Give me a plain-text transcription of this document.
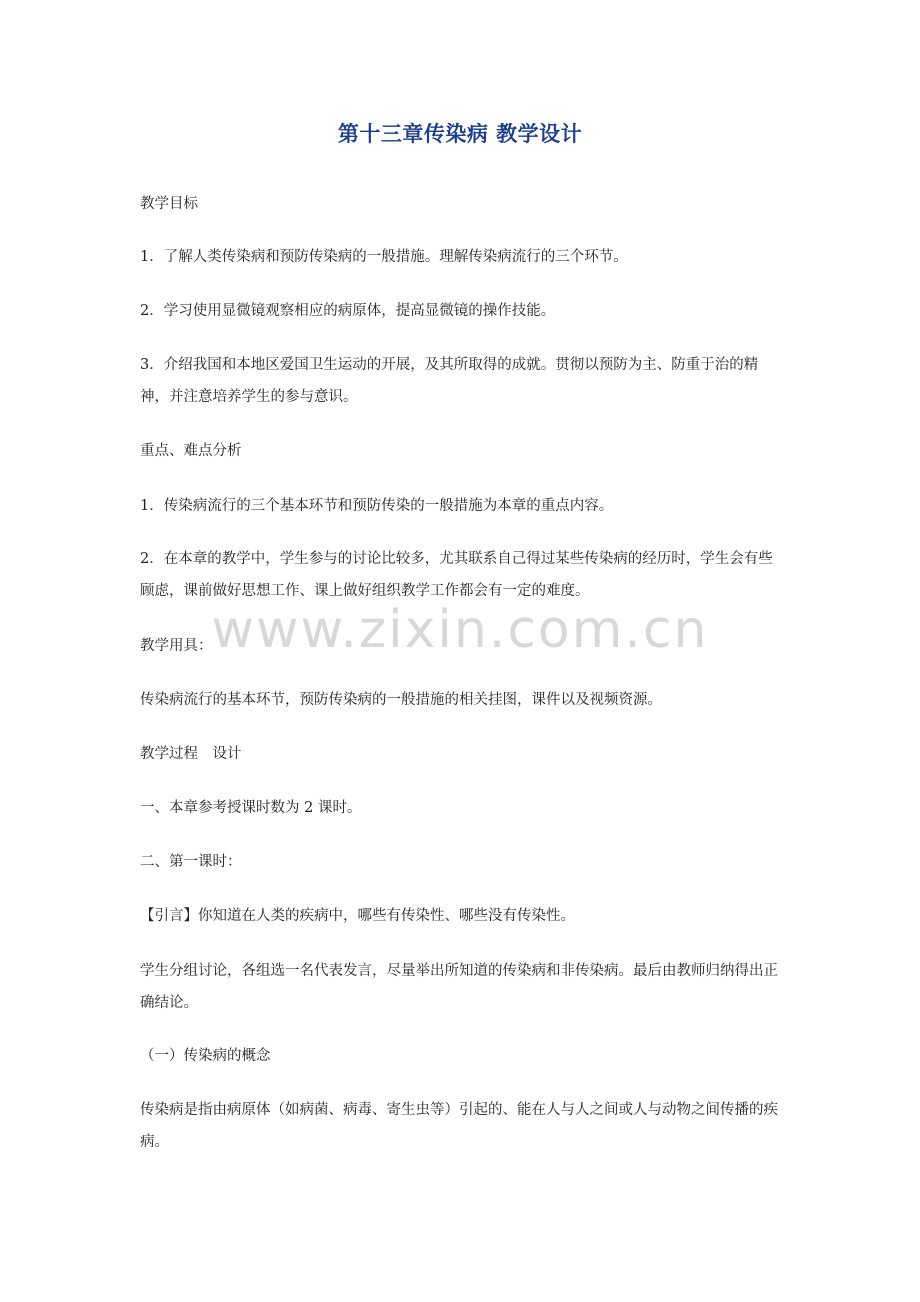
www.zixin.com.cn
第十三章传染病 教学设计

教学目标

1．了解人类传染病和预防传染病的一般措施。理解传染病流行的三个环节。

2．学习使用显微镜观察相应的病原体，提高显微镜的操作技能。

3．介绍我国和本地区爱国卫生运动的开展，及其所取得的成就。贯彻以预防为主、防重于治的精神，并注意培养学生的参与意识。

重点、难点分析

1．传染病流行的三个基本环节和预防传染的一般措施为本章的重点内容。

2．在本章的教学中，学生参与的讨论比较多，尤其联系自己得过某些传染病的经历时，学生会有些顾虑，课前做好思想工作、课上做好组织教学工作都会有一定的难度。

教学用具：

传染病流行的基本环节，预防传染病的一般措施的相关挂图，课件以及视频资源。

教学过程　设计

一、本章参考授课时数为 2 课时。

二、第一课时：

【引言】你知道在人类的疾病中，哪些有传染性、哪些没有传染性。

学生分组讨论，各组选一名代表发言，尽量举出所知道的传染病和非传染病。最后由教师归纳得出正确结论。

（一）传染病的概念

传染病是指由病原体（如病菌、病毒、寄生虫等）引起的、能在人与人之间或人与动物之间传播的疾病。
